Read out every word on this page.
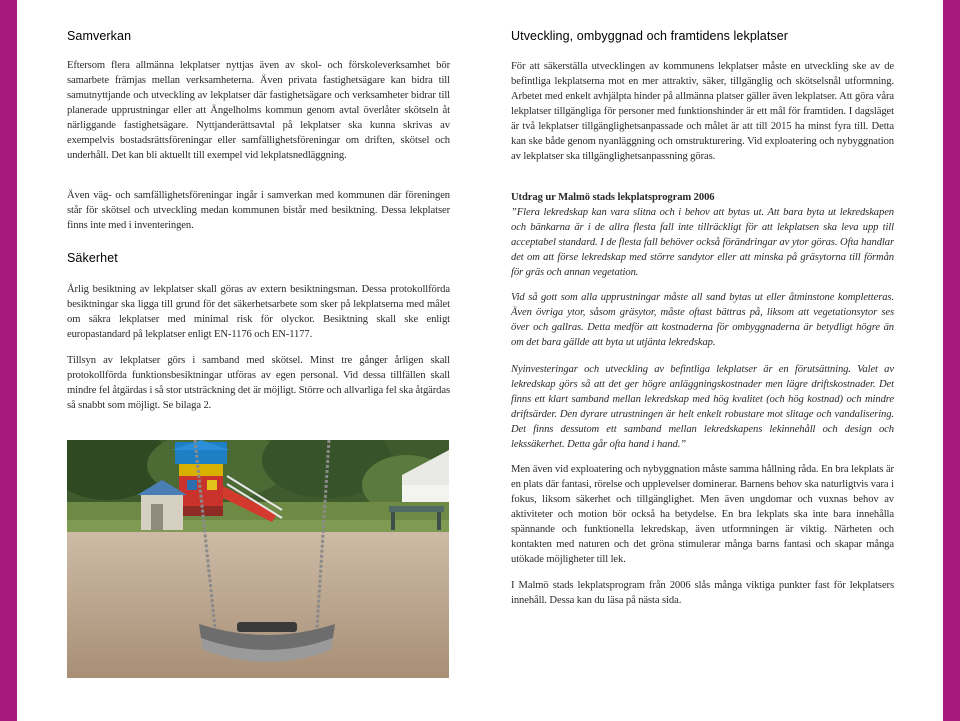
Samverkan

Eftersom flera allmänna lekplatser nyttjas även av skol- och förskoleverksamhet bör samarbete främjas mellan verksamheterna. Även privata fastighetsägare kan bidra till samutnyttjande och utveckling av lekplatser där fastighetsägare och verksamheter bidrar till planerade upprustningar eller att Ängelholms kommun genom avtal överlåter skötseln åt närliggande fastighetsägare. Nyttjanderättsavtal på lekplatser ska kunna skrivas av exempelvis bostadsrättsföreningar eller samfällighetsföreningar om driften, skötsel och underhåll. Det kan bli aktuellt till exempel vid lekplatsnedläggning.

Även väg- och samfällighetsföreningar ingår i samverkan med kommunen där föreningen står för skötsel och utveckling medan kommunen bistår med besiktning. Dessa lekplatser finns inte med i inventeringen.

Säkerhet

Årlig besiktning av lekplatser skall göras av extern besiktningsman. Dessa protokollförda besiktningar ska ligga till grund för det säkerhetsarbete som sker på lekplatserna med målet om säkra lekplatser med minimal risk för olyckor. Besiktning skall ske enligt europastandard på lekplatser enligt EN-1176 och EN-1177.

Tillsyn av lekplatser görs i samband med skötsel. Minst tre gånger årligen skall protokollförda funktionsbesiktningar utföras av egen personal. Vid dessa tillfällen skall mindre fel åtgärdas i så stor utsträckning det är möjligt. Större och allvarliga fel ska åtgärdas så snabbt som möjligt. Se bilaga 2.

Utveckling, ombyggnad och framtidens lekplatser

För att säkerställa utvecklingen av kommunens lekplatser måste en utveckling ske av de befintliga lekplatserna mot en mer attraktiv, säker, tillgänglig och skötselsnål utformning. Arbetet med enkelt avhjälpta hinder på allmänna platser gäller även lekplatser. Att göra våra lekplatser tillgängliga för personer med funktionshinder är ett mål för framtiden. I dagsläget är två lekplatser tillgänglighetsanpassade och målet är att till 2015 ha minst fyra till. Detta kan ske både genom nyanläggning och omstrukturering. Vid exploatering och nybyggnation av lekplatser ska tillgänglighetsanpassning göras.

Utdrag ur Malmö stads lekplatsprogram 2006

”Flera lekredskap kan vara slitna och i behov att bytas ut. Att bara byta ut lekredskapen och bänkarna är i de allra flesta fall inte tillräckligt för att lekplatsen ska leva upp till acceptabel standard. I de flesta fall behöver också förändringar av ytor göras. Ofta handlar det om att förse lekredskap med större sandytor eller att minska på gräsytorna till förmån för gräs och annan vegetation.

Vid så gott som alla upprustningar måste all sand bytas ut eller åtminstone kompletteras. Även övriga ytor, såsom gräsytor, måste oftast bättras på, liksom att vegetationsytor ses över och gallras. Detta medför att kostnaderna för ombyggnaderna är betydligt högre än om det bara gällde att byta ut utjänta lekredskap.

Nyinvesteringar och utveckling av befintliga lekplatser är en förutsättning. Valet av lekredskap görs så att det ger högre anläggningskostnader men lägre driftskostnader. Det finns ett klart samband mellan lekredskap med hög kvalitet (och hög kostnad) och mindre driftsärder. Den dyrare utrustningen är helt enkelt robustare mot slitage och vandalisering. Det finns dessutom ett samband mellan lekredskapens lekinnehåll och design och lekssäkerhet. Detta går ofta hand i hand.”

Men även vid exploatering och nybyggnation måste samma hållning råda. En bra lekplats är en plats där fantasi, rörelse och upplevelser dominerar. Barnens behov ska naturligtvis vara i fokus, liksom säkerhet och tillgänglighet. Men även ungdomar och vuxnas behov av aktiviteter och motion bör också ha betydelse. En bra lekplats ska inte bara innehålla spännande och funktionella lekredskap, även utformningen är viktig. Närheten och kontakten med naturen och det gröna stimulerar många barns fantasi och skapar många utökade möjligheter till lek.

I Malmö stads lekplatsprogram från 2006 slås många viktiga punkter fast för lekplatsers innehåll. Dessa kan du läsa på nästa sida.
